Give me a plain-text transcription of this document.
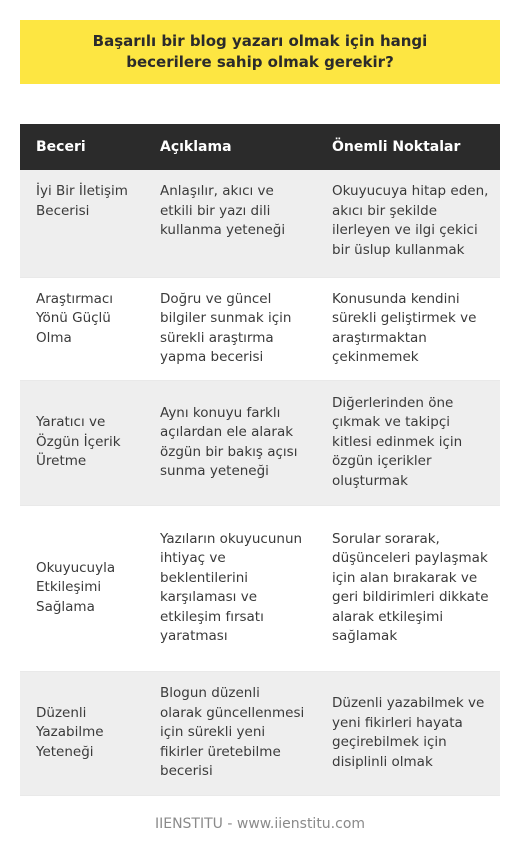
Başarılı bir blog yazarı olmak için hangi becerilere sahip olmak gerekir?
Beceri	Açıklama	Önemli Noktalar
İyi Bir İletişim Becerisi	Anlaşılır, akıcı ve etkili bir yazı dili kullanma yeteneği	Okuyucuya hitap eden, akıcı bir şekilde ilerleyen ve ilgi çekici bir üslup kullanmak
Araştırmacı Yönü Güçlü Olma	Doğru ve güncel bilgiler sunmak için sürekli araştırma yapma becerisi	Konusunda kendini sürekli geliştirmek ve araştırmaktan çekinmemek
Yaratıcı ve Özgün İçerik Üretme	Aynı konuyu farklı açılardan ele alarak özgün bir bakış açısı sunma yeteneği	Diğerlerinden öne çıkmak ve takipçi kitlesi edinmek için özgün içerikler oluşturmak
Okuyucuyla Etkileşimi Sağlama	Yazıların okuyucunun ihtiyaç ve beklentilerini karşılaması ve etkileşim fırsatı yaratması	Sorular sorarak, düşünceleri paylaşmak için alan bırakarak ve geri bildirimleri dikkate alarak etkileşimi sağlamak
Düzenli Yazabilme Yeteneği	Blogun düzenli olarak güncellenmesi için sürekli yeni fikirler üretebilme becerisi	Düzenli yazabilmek ve yeni fikirleri hayata geçirebilmek için disiplinli olmak
IIENSTITU - www.iienstitu.com
